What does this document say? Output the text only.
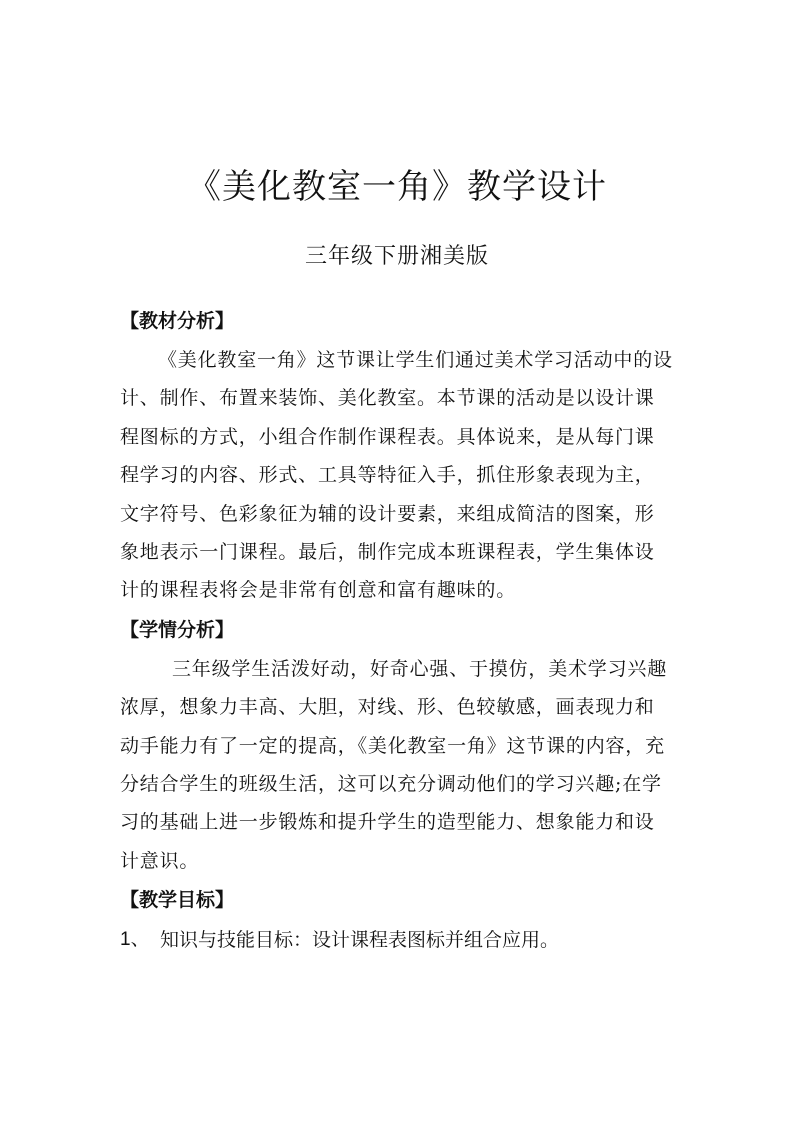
《美化教室一角》教学设计
三年级下册湘美版
【教材分析】
《美化教室一角》这节课让学生们通过美术学习活动中的设
计、制作、布置来装饰、美化教室。本节课的活动是以设计课
程图标的方式，小组合作制作课程表。具体说来，是从每门课
程学习的内容、形式、工具等特征入手，抓住形象表现为主，
文字符号、色彩象征为辅的设计要素，来组成简洁的图案，形
象地表示一门课程。最后，制作完成本班课程表，学生集体设
计的课程表将会是非常有创意和富有趣味的。
【学情分析】
三年级学生活泼好动，好奇心强、于摸仿，美术学习兴趣
浓厚，想象力丰高、大胆，对线、形、色较敏感，画表现力和
动手能力有了一定的提高，《美化教室一角》这节课的内容，充
分结合学生的班级生活，这可以充分调动他们的学习兴趣;在学
习的基础上进一步锻炼和提升学生的造型能力、想象能力和设
计意识。
【教学目标】
1、 知识与技能目标：设计课程表图标并组合应用。
